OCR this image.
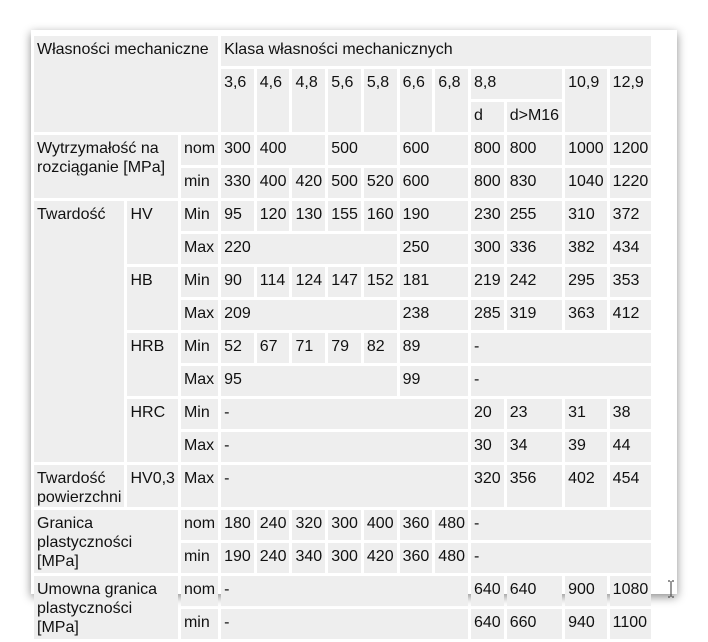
Własności mechaniczne			Klasa własności mechanicznych										
			3,6	4,6	4,8	5,6	5,8	6,6	6,8	8,8		10,9	12,9
										d	d>M16		
Wytrzymałość na rozciąganie [MPa]		nom	300	400		500		600		800	800	1000	1200
		min	330	400	420	500	520	600		800	830	1040	1220
Twardość	HV	Min	95	120	130	155	160	190		230	255	310	372
		Max	220					250		300	336	382	434
	HB	Min	90	114	124	147	152	181		219	242	295	353
		Max	209					238		285	319	363	412
	HRB	Min	52	67	71	79	82	89		-			
		Max	95					99		-			
	HRC	Min	-							20	23	31	38
		Max	-							30	34	39	44
Twardość powierzchni	HV0,3	Max	-							320	356	402	454
Granica plastyczności [MPa]		nom	180	240	320	300	400	360	480	-			
		min	190	240	340	300	420	360	480	-			
Umowna granica plastyczności [MPa]		nom	-							640	640	900	1080
		min	-							640	660	940	1100
